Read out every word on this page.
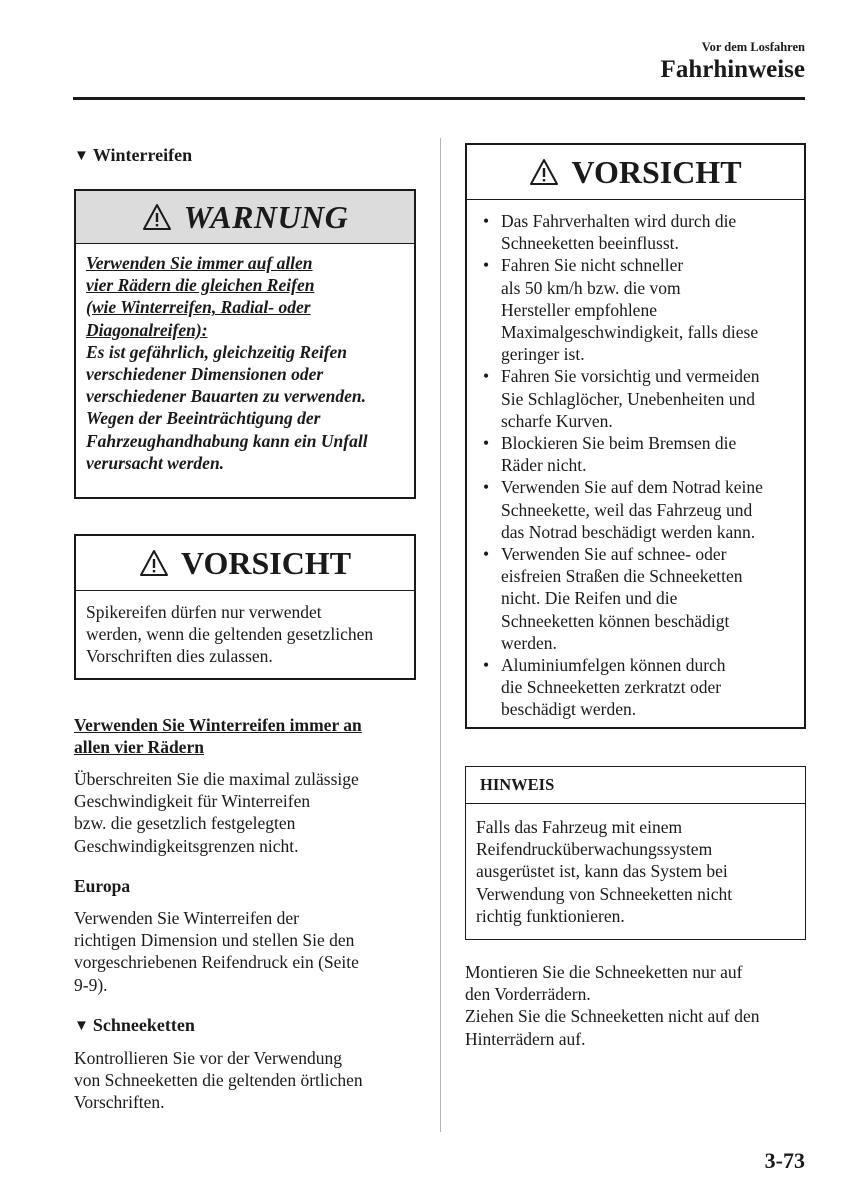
Vor dem Losfahren
Fahrhinweise
▼ Winterreifen
WARNUNG
Verwenden Sie immer auf allen
vier Rädern die gleichen Reifen
(wie Winterreifen, Radial- oder
Diagonalreifen):
Es ist gefährlich, gleichzeitig Reifen
verschiedener Dimensionen oder
verschiedener Bauarten zu verwenden.
Wegen der Beeinträchtigung der
Fahrzeughandhabung kann ein Unfall
verursacht werden.
VORSICHT
Spikereifen dürfen nur verwendet
werden, wenn die geltenden gesetzlichen
Vorschriften dies zulassen.
Verwenden Sie Winterreifen immer an
allen vier Rädern
Überschreiten Sie die maximal zulässige
Geschwindigkeit für Winterreifen
bzw. die gesetzlich festgelegten
Geschwindigkeitsgrenzen nicht.
Europa
Verwenden Sie Winterreifen der
richtigen Dimension und stellen Sie den
vorgeschriebenen Reifendruck ein (Seite
9-9).
▼ Schneeketten
Kontrollieren Sie vor der Verwendung
von Schneeketten die geltenden örtlichen
Vorschriften.
VORSICHT
• Das Fahrverhalten wird durch die
Schneeketten beeinflusst.
• Fahren Sie nicht schneller
als 50 km/h bzw. die vom
Hersteller empfohlene
Maximalgeschwindigkeit, falls diese
geringer ist.
• Fahren Sie vorsichtig und vermeiden
Sie Schlaglöcher, Unebenheiten und
scharfe Kurven.
• Blockieren Sie beim Bremsen die
Räder nicht.
• Verwenden Sie auf dem Notrad keine
Schneekette, weil das Fahrzeug und
das Notrad beschädigt werden kann.
• Verwenden Sie auf schnee- oder
eisfreien Straßen die Schneeketten
nicht. Die Reifen und die
Schneeketten können beschädigt
werden.
• Aluminiumfelgen können durch
die Schneeketten zerkratzt oder
beschädigt werden.
HINWEIS
Falls das Fahrzeug mit einem
Reifendrucküberwachungssystem
ausgerüstet ist, kann das System bei
Verwendung von Schneeketten nicht
richtig funktionieren.
Montieren Sie die Schneeketten nur auf
den Vorderrädern.
Ziehen Sie die Schneeketten nicht auf den
Hinterrädern auf.
3-73
